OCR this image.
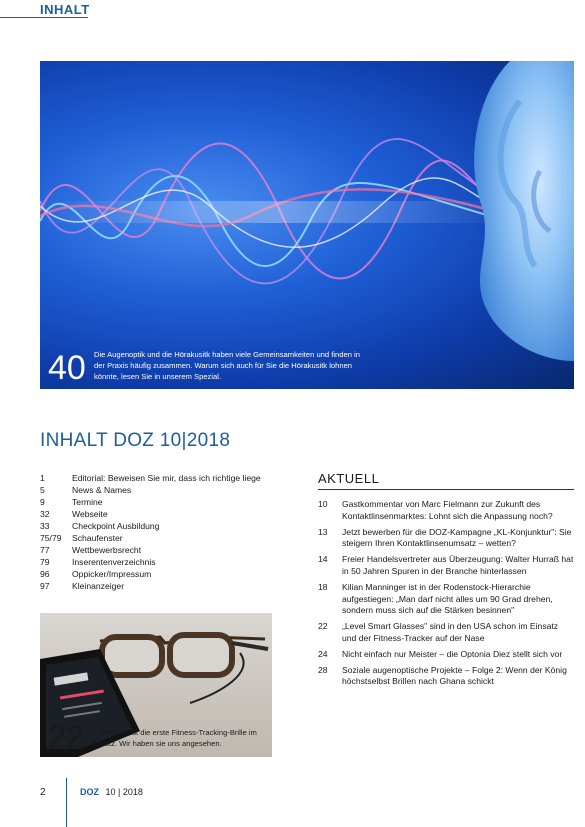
INHALT
40 Die Augenoptik und die Hörakusitk haben viele Gemeinsamkeiten und finden in der Praxis häufig zusammen. Warum sich auch für Sie die Hörakusitk lohnen könnte, lesen Sie in unserem Spezial.
INHALT DOZ 10|2018
1	Editorial: Beweisen Sie mir, dass ich richtige liege
5	News & Names
9	Termine
32	Webseite
33	Checkpoint Ausbildung
75/79	Schaufenster
77	Wettbewerbsrecht
79	Inserentenverzeichnis
96	Oppicker/Impressum
97	Kleinanzeiger
22 In den USA ist die erste Fitness-Tracking-Brille im Einsatz. Wir haben sie uns angesehen.
AKTUELL
10	Gastkommentar von Marc Fielmann zur Zukunft des Kontaktlinsenmarktes: Lohnt sich die Anpassung noch?
13	Jetzt bewerben für die DOZ-Kampagne „KL-Konjunktur": Sie steigern Ihren Kontaktlinsenumsatz – wetten?
14	Freier Handelsvertreter aus Überzeugung: Walter Hurraß hat in 50 Jahren Spuren in der Branche hinterlassen
18	Kilian Manninger ist in der Rodenstock-Hierarchie aufgestiegen: „Man darf nicht alles um 90 Grad drehen, sondern muss sich auf die Stärken besinnen"
22	„Level Smart Glasses" sind in den USA schon im Einsatz und der Fitness-Tracker auf der Nase
24	Nicht einfach nur Meister – die Optonia Diez stellt sich vor
28	Soziale augenoptische Projekte – Folge 2: Wenn der König höchstselbst Brillen nach Ghana schickt
2	DOZ 10 | 2018
